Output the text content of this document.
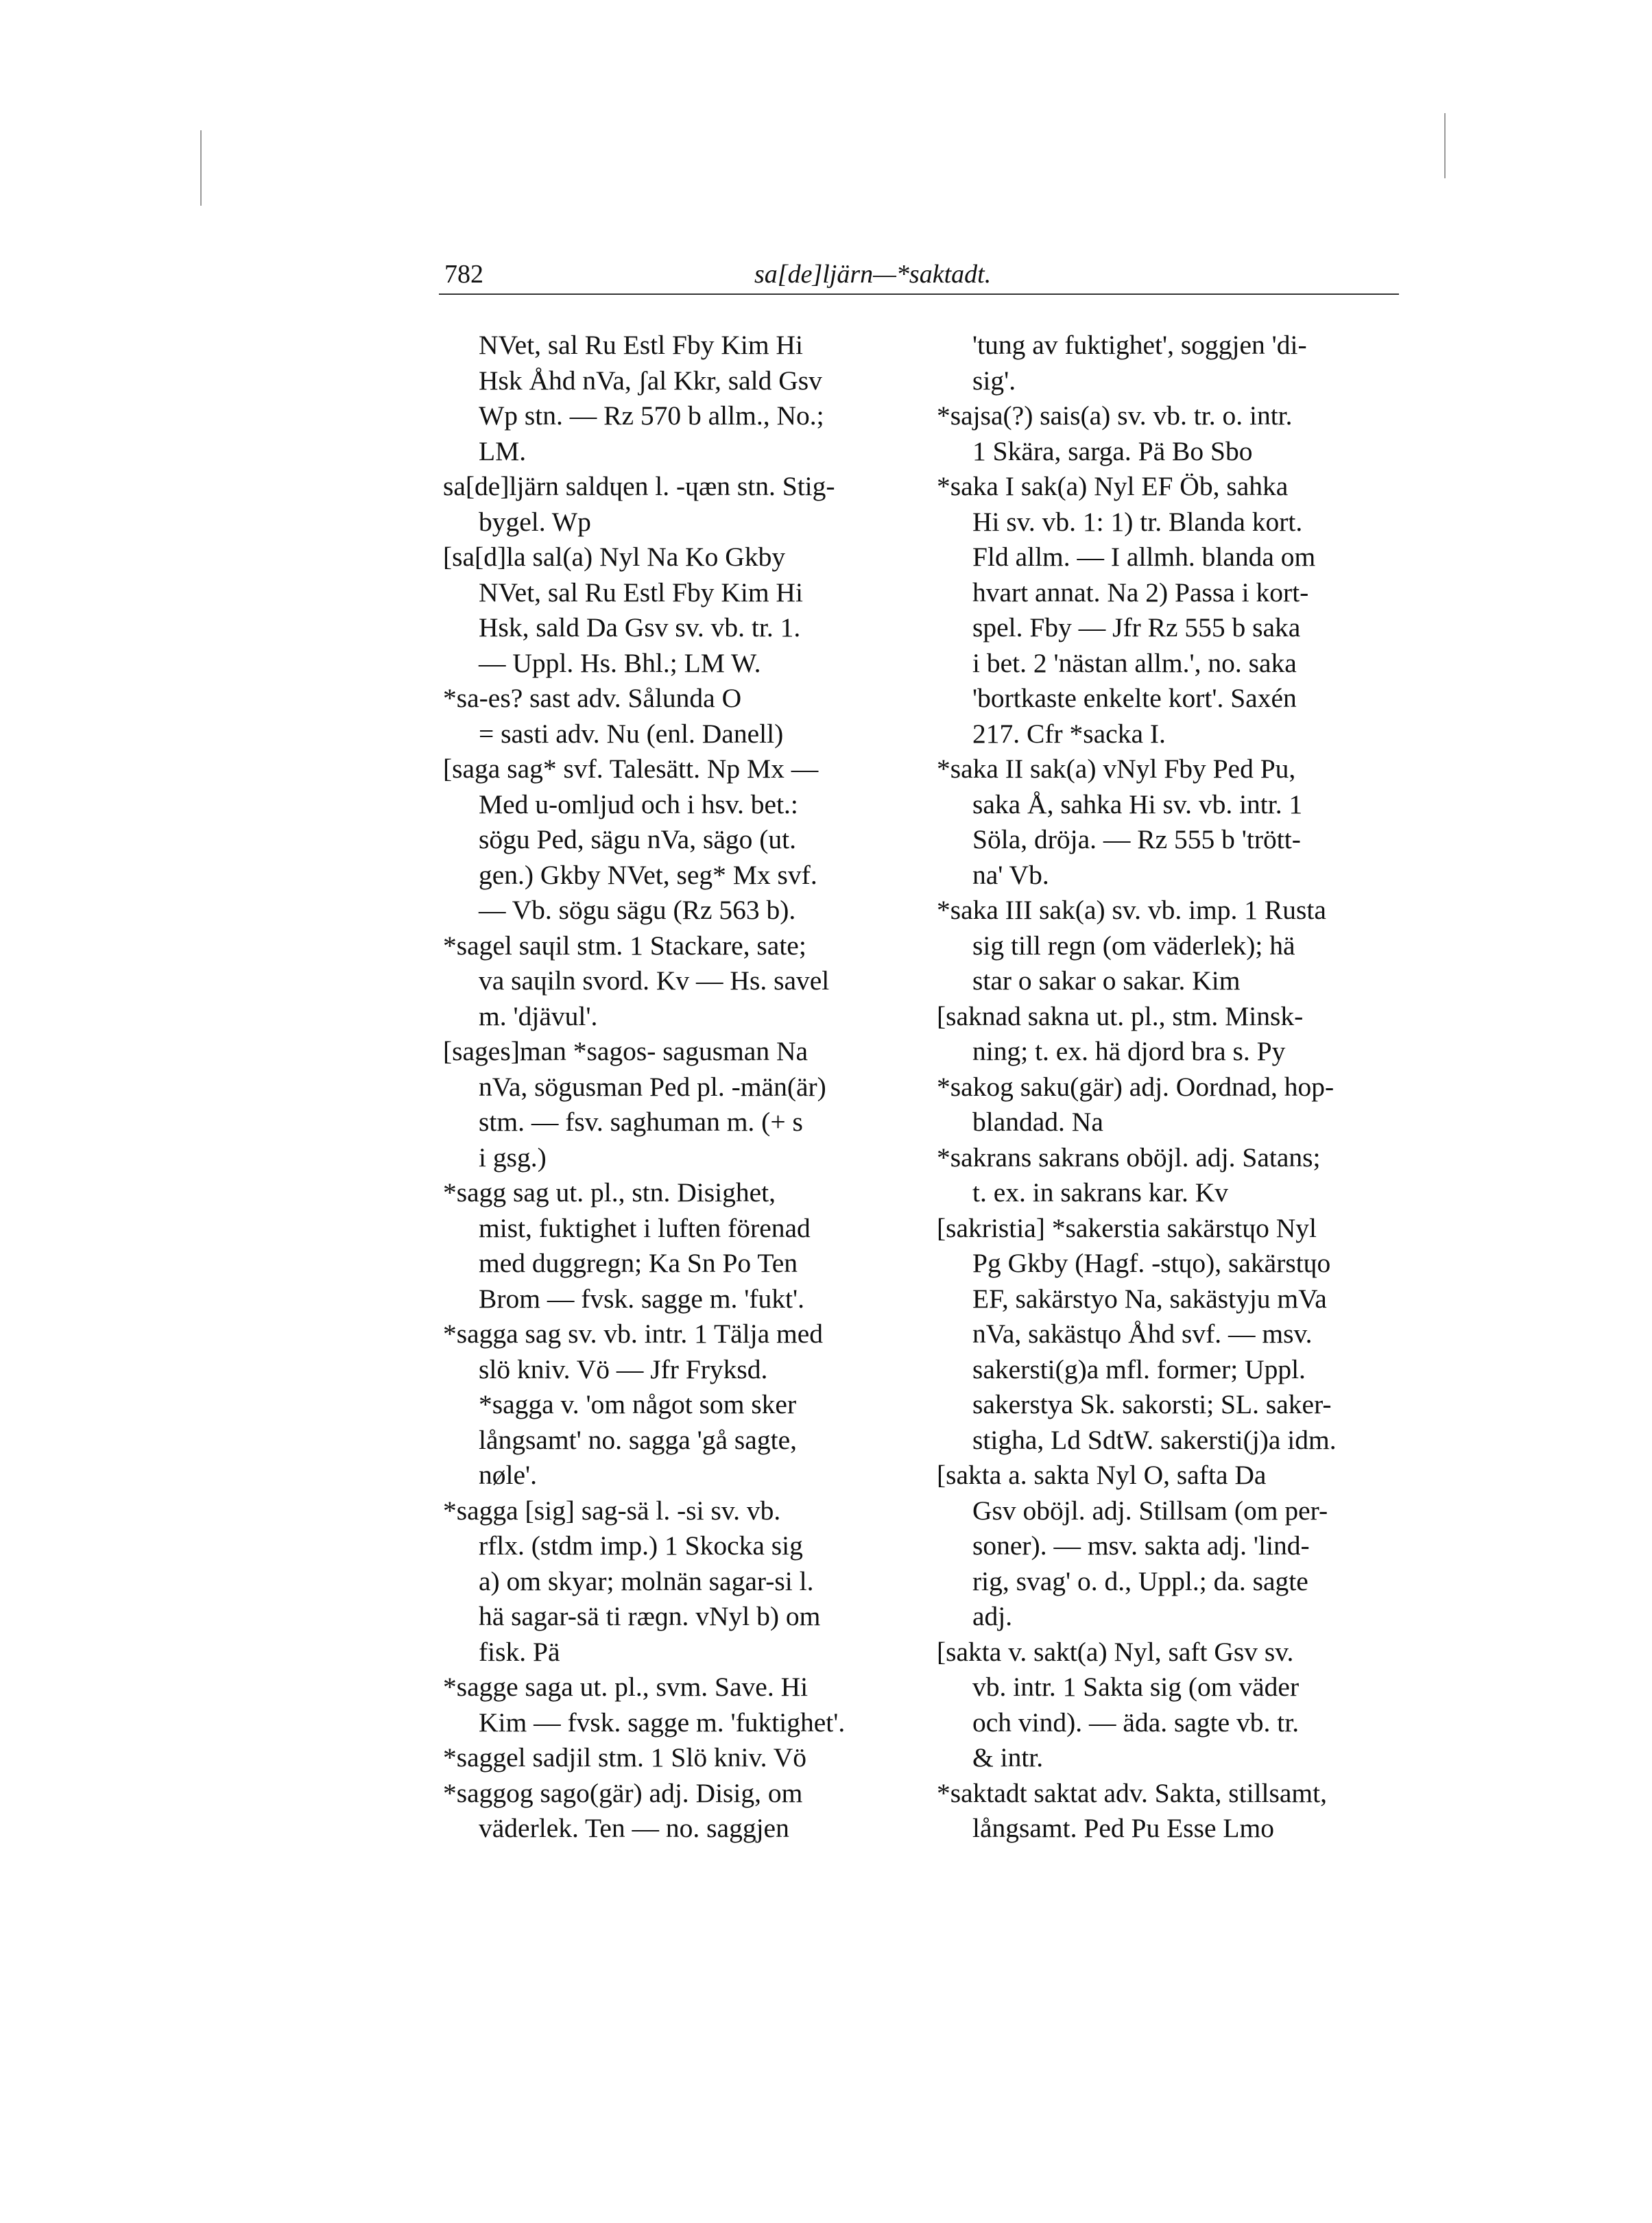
782	sa[de]ljärn—*saktadt.
NVet, sal Ru Estl Fby Kim Hi
Hsk Åhd nVa, ʃal Kkr, sald Gsv
Wp stn. — Rz 570 b allm., No.;
LM.
sa[de]ljärn saldɥen l. -ɥæn stn. Stig-
bygel. Wp
[sa[d]la sal(a) Nyl Na Ko Gkby
NVet, sal Ru Estl Fby Kim Hi
Hsk, sald Da Gsv sv. vb. tr. 1.
— Uppl. Hs. Bhl.; LM W.
*sa-es? sast adv. Sålunda O
= sasti adv. Nu (enl. Danell)
[saga sag* svf. Talesätt. Np Mx —
Med u-omljud och i hsv. bet.:
sögu Ped, sägu nVa, sägo (ut.
gen.) Gkby NVet, seg* Mx svf.
— Vb. sögu sägu (Rz 563 b).
*sagel saɥil stm. 1 Stackare, sate;
va saɥiln svord. Kv — Hs. savel
m. 'djävul'.
[sages]man *sagos- sagusman Na
nVa, sögusman Ped pl. -män(är)
stm. — fsv. saghuman m. (+ s
i gsg.)
*sagg sag ut. pl., stn. Disighet,
mist, fuktighet i luften förenad
med duggregn; Ka Sn Po Ten
Brom — fvsk. sagge m. 'fukt'.
*sagga sag sv. vb. intr. 1 Tälja med
slö kniv. Vö — Jfr Fryksd.
*sagga v. 'om något som sker
långsamt' no. sagga 'gå sagte,
nøle'.
*sagga [sig] sag-sä l. -si sv. vb.
rflx. (stdm imp.) 1 Skocka sig
a) om skyar; molnän sagar-si l.
hä sagar-sä ti ræɡn. vNyl b) om
fisk. Pä
*sagge saga ut. pl., svm. Save. Hi
Kim — fvsk. sagge m. 'fuktighet'.
*saggel sadjil stm. 1 Slö kniv. Vö
*saggog sago(gär) adj. Disig, om
väderlek. Ten — no. saggjen
'tung av fuktighet', soggjen 'di-
sig'.
*sajsa(?) sais(a) sv. vb. tr. o. intr.
1 Skära, sarga. Pä Bo Sbo
*saka I sak(a) Nyl EF Öb, sahka
Hi sv. vb. 1: 1) tr. Blanda kort.
Fld allm. — I allmh. blanda om
hvart annat. Na 2) Passa i kort-
spel. Fby — Jfr Rz 555 b saka
i bet. 2 'nästan allm.', no. saka
'bortkaste enkelte kort'. Saxén
217. Cfr *sacka I.
*saka II sak(a) vNyl Fby Ped Pu,
saka Å, sahka Hi sv. vb. intr. 1
Söla, dröja. — Rz 555 b 'trött-
na' Vb.
*saka III sak(a) sv. vb. imp. 1 Rusta
sig till regn (om väderlek); hä
star o sakar o sakar. Kim
[saknad sakna ut. pl., stm. Minsk-
ning; t. ex. hä djord bra s. Py
*sakog saku(gär) adj. Oordnad, hop-
blandad. Na
*sakrans sakrans oböjl. adj. Satans;
t. ex. in sakrans kar. Kv
[sakristia] *sakerstia sakärstɥo Nyl
Pg Gkby (Hagf. -stɥo), sakärstɥo
EF, sakärstyo Na, sakästyju mVa
nVa, sakästɥo Åhd svf. — msv.
sakersti(g)a mfl. former; Uppl.
sakerstya Sk. sakorsti; SL. saker-
stigha, Ld SdtW. sakersti(j)a idm.
[sakta a. sakta Nyl O, safta Da
Gsv oböjl. adj. Stillsam (om per-
soner). — msv. sakta adj. 'lind-
rig, svag' o. d., Uppl.; da. sagte
adj.
[sakta v. sakt(a) Nyl, saft Gsv sv.
vb. intr. 1 Sakta sig (om väder
och vind). — äda. sagte vb. tr.
& intr.
*saktadt saktat adv. Sakta, stillsamt,
långsamt. Ped Pu Esse Lmo
